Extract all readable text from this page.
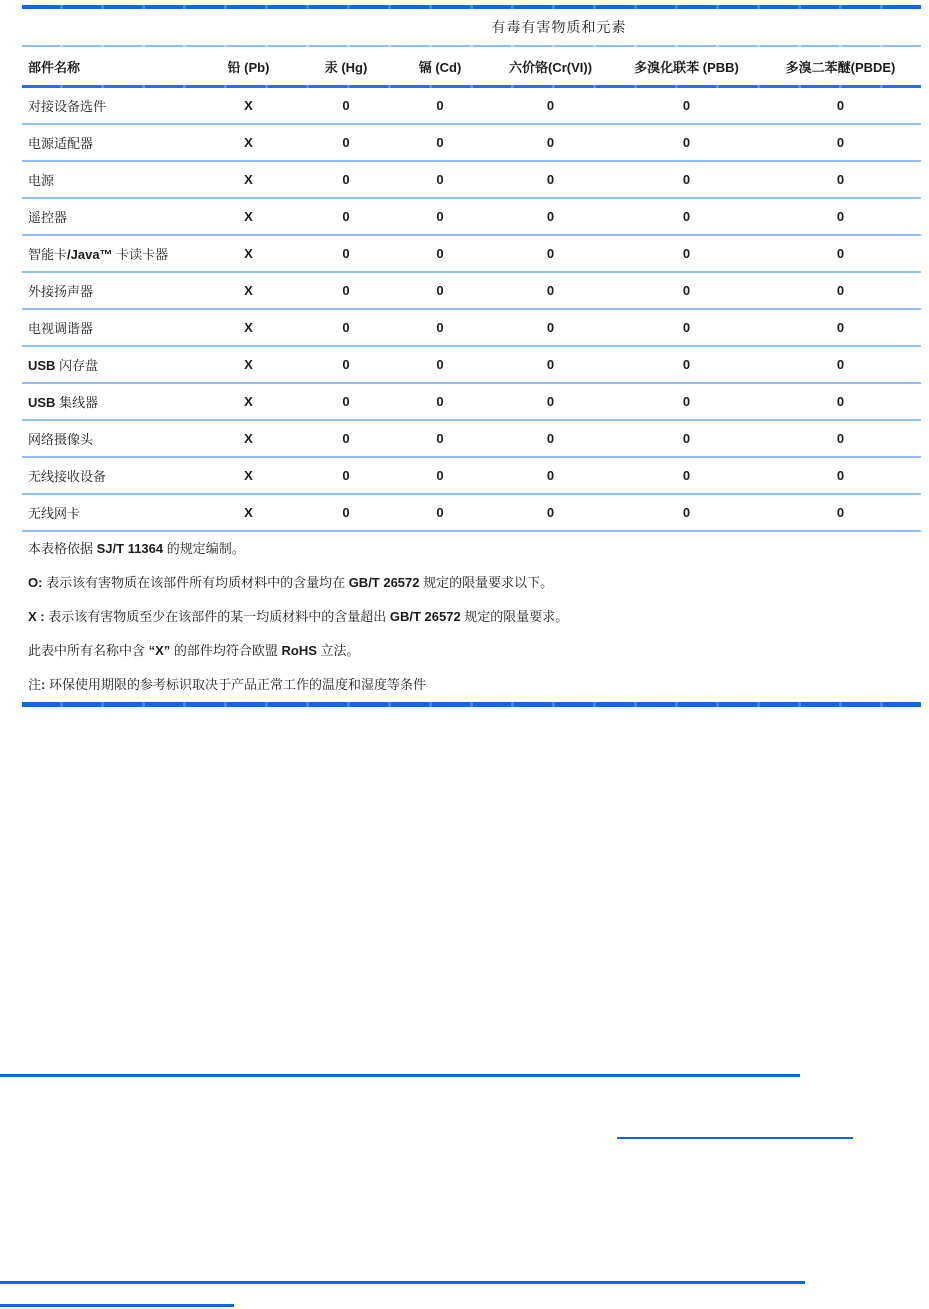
有毒有害物质和元素
部件名称	铅 (Pb)	汞 (Hg)	镉 (Cd)	六价铬(Cr(VI))	多溴化联苯 (PBB)	多溴二苯醚(PBDE)
对接设备选件	X	0	0	0	0	0
电源适配器	X	0	0	0	0	0
电源	X	0	0	0	0	0
遥控器	X	0	0	0	0	0
智能卡/Java™ 卡读卡器	X	0	0	0	0	0
外接扬声器	X	0	0	0	0	0
电视调谐器	X	0	0	0	0	0
USB 闪存盘	X	0	0	0	0	0
USB 集线器	X	0	0	0	0	0
网络摄像头	X	0	0	0	0	0
无线接收设备	X	0	0	0	0	0
无线网卡	X	0	0	0	0	0
本表格依据 SJ/T 11364 的规定编制。
O: 表示该有害物质在该部件所有均质材料中的含量均在 GB/T 26572 规定的限量要求以下。
X : 表示该有害物质至少在该部件的某一均质材料中的含量超出 GB/T 26572 规定的限量要求。
此表中所有名称中含 “X” 的部件均符合欧盟 RoHS 立法。
注: 环保使用期限的参考标识取决于产品正常工作的温度和湿度等条件
